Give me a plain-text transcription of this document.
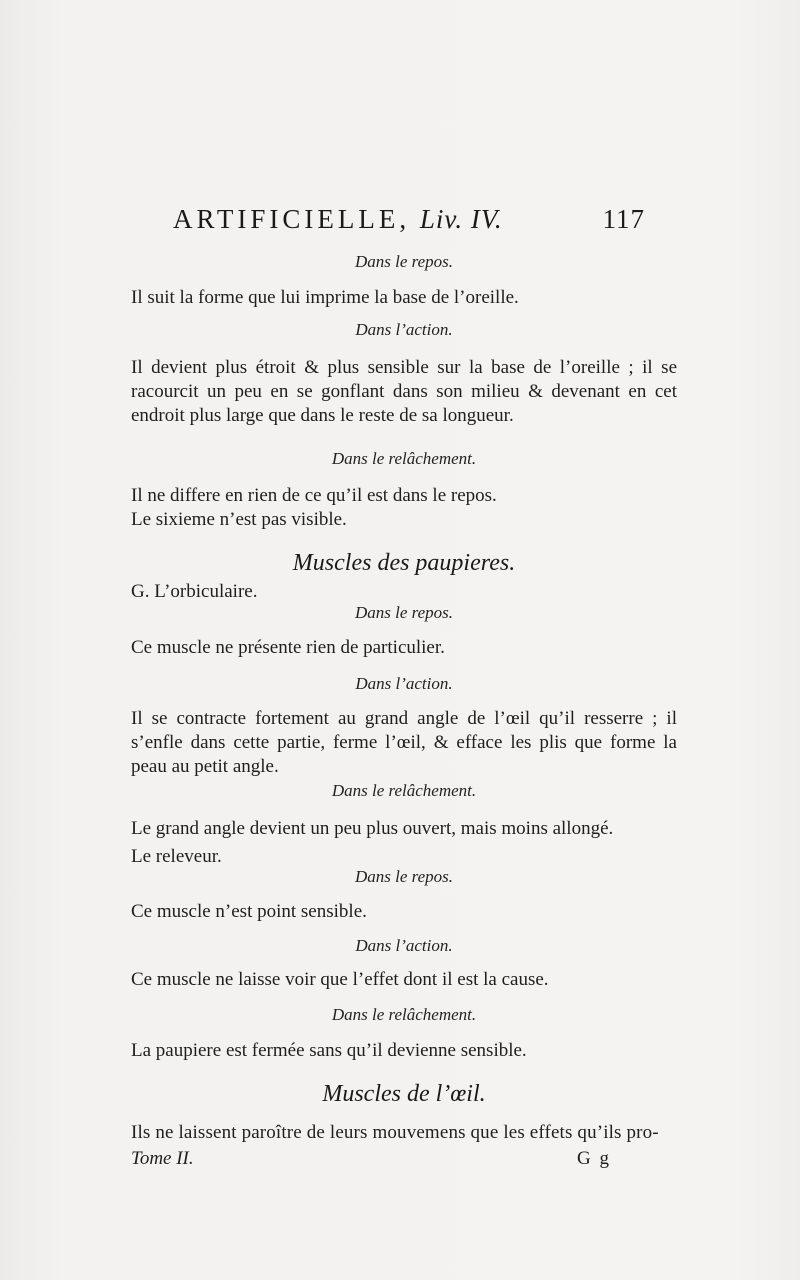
ARTIFICIELLE, Liv. IV.	117
Dans le repos.
Il suit la forme que lui imprime la base de l’oreille.
Dans l’action.
Il devient plus étroit & plus sensible sur la base de l’oreille ; il se racourcit un peu en se gonflant dans son milieu & devenant en cet endroit plus large que dans le reste de sa longueur.
Dans le relâchement.
Il ne differe en rien de ce qu’il est dans le repos.
Le sixieme n’est pas visible.
Muscles des paupieres.
G. L’orbiculaire.
Dans le repos.
Ce muscle ne présente rien de particulier.
Dans l’action.
Il se contracte fortement au grand angle de l’œil qu’il resserre ; il s’enfle dans cette partie, ferme l’œil, & efface les plis que forme la peau au petit angle.
Dans le relâchement.
Le grand angle devient un peu plus ouvert, mais moins allongé.
Le releveur.
Dans le repos.
Ce muscle n’est point sensible.
Dans l’action.
Ce muscle ne laisse voir que l’effet dont il est la cause.
Dans le relâchement.
La paupiere est fermée sans qu’il devienne sensible.
Muscles de l’œil.
Ils ne laissent paroître de leurs mouvemens que les effets qu’ils pro-
Tome II.	G g
